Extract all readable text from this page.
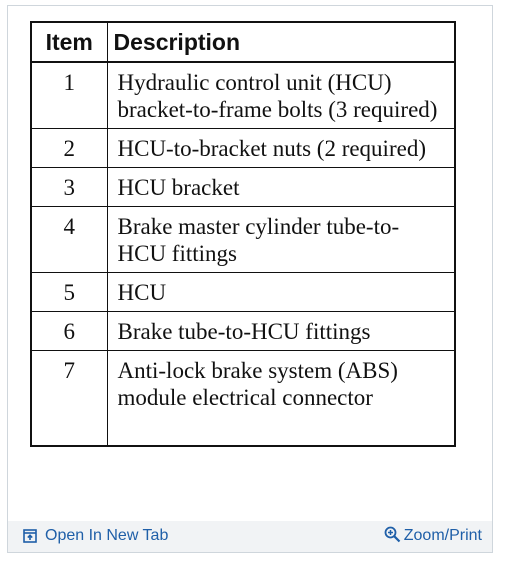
Item	Description
1	Hydraulic control unit (HCU) bracket-to-frame bolts (3 required)
2	HCU-to-bracket nuts (2 required)
3	HCU bracket
4	Brake master cylinder tube-to-HCU fittings
5	HCU
6	Brake tube-to-HCU fittings
7	Anti-lock brake system (ABS) module electrical connector
Open In New Tab	Zoom/Print
